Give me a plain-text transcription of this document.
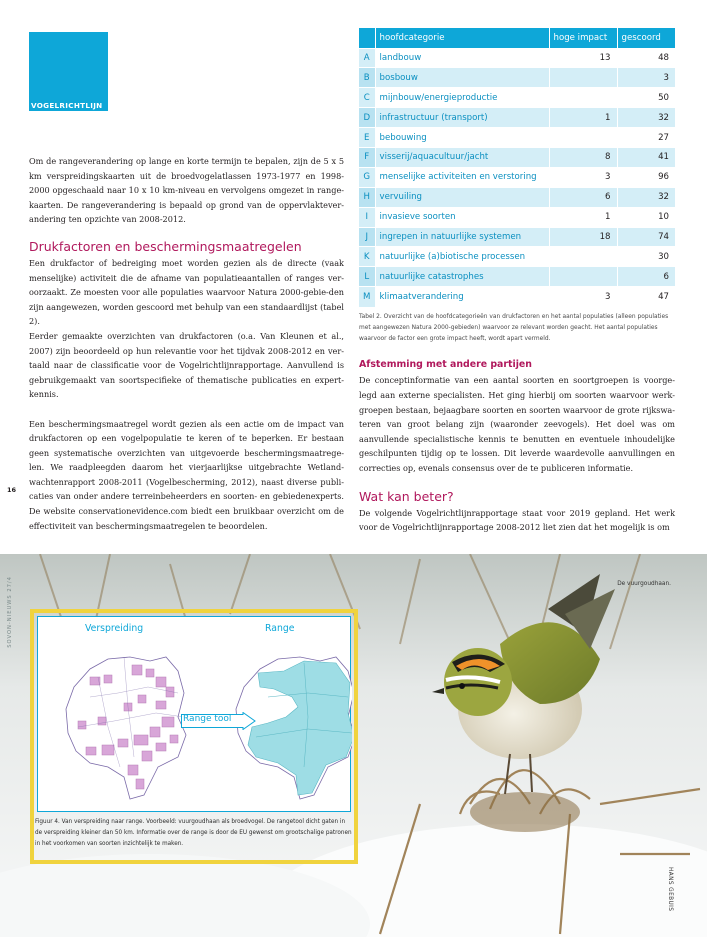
VOGELRICHTLIJN

Om de rangeverandering op lange en korte termijn te bepalen, zijn de 5 x 5 km verspreidingskaarten uit de broedvogelatlassen 1973-1977 en 1998-2000 opgeschaald naar 10 x 10 km-niveau en vervolgens omgezet in range-kaarten. De rangeverandering is bepaald op grond van de oppervlaktever-andering ten opzichte van 2008-2012.

Drukfactoren en beschermingsmaatregelen

Een drukfactor of bedreiging moet worden gezien als de directe (vaak menselijke) activiteit die de afname van populatieaantallen of ranges ver-oorzaakt. Ze moesten voor alle populaties waarvoor Natura 2000-gebie-den zijn aangewezen, worden gescoord met behulp van een standaardlijst (tabel 2).

Eerder gemaakte overzichten van drukfactoren (o.a. Van Kleunen et al., 2007) zijn beoordeeld op hun relevantie voor het tijdvak 2008-2012 en ver-taald naar de classificatie voor de Vogelrichtlijnrapportage. Aanvullend is gebruikgemaakt van soortspecifieke of thematische publicaties en expert-kennis.

Een beschermingsmaatregel wordt gezien als een actie om de impact van drukfactoren op een vogelpopulatie te keren of te beperken. Er bestaan geen systematische overzichten van uitgevoerde beschermingsmaatrege-len. We raadpleegden daarom het vierjaarlijkse uitgebrachte Wetland-wachtenrapport 2008-2011 (Vogelbescherming, 2012), naast diverse publi-caties van onder andere terreinbeheerders en soorten- en gebiedenexperts. De website conservationevidence.com biedt een bruikbaar overzicht om de effectiviteit van beschermingsmaatregelen te beoordelen.

16
	hoofdcategorie	hoge impact	gescoord
A	landbouw	13	48
B	bosbouw		3
C	mijnbouw/energieproductie		50
D	infrastructuur (transport)	1	32
E	bebouwing		27
F	visserij/aquacultuur/jacht	8	41
G	menselijke activiteiten en verstoring	3	96
H	vervuiling	6	32
I	invasieve soorten	1	10
J	ingrepen in natuurlijke systemen	18	74
K	natuurlijke (a)biotische processen		30
L	natuurlijke catastrophes		6
M	klimaatverandering	3	47

Tabel 2. Overzicht van de hoofdcategorieën van drukfactoren en het aantal populaties (alleen populaties met aangewezen Natura 2000-gebieden) waarvoor ze relevant worden geacht. Het aantal populaties waarvoor de factor een grote impact heeft, wordt apart vermeld.

Afstemming met andere partijen

De conceptinformatie van een aantal soorten en soortgroepen is voorge-legd aan externe specialisten. Het ging hierbij om soorten waarvoor werk-groepen bestaan, bejaagbare soorten en soorten waarvoor de grote rijkswa-teren van groot belang zijn (waaronder zeevogels). Het doel was om aanvullende specialistische kennis te benutten en eventuele inhoudelijke geschilpunten tijdig op te lossen. Dit leverde waardevolle aanvullingen en correcties op, evenals consensus over de te publiceren informatie.

Wat kan beter?

De volgende Vogelrichtlijnrapportage staat voor 2019 gepland. Het werk voor de Vogelrichtlijnrapportage 2008-2012 liet zien dat het mogelijk is om

De vuurgoudhaan.
HANS GEBUIS
SOVON-NIEUWS 27/4	Verspreiding	Range
Range tool

Figuur 4. Van verspreiding naar range. Voorbeeld: vuurgoudhaan als broedvogel. De rangetool dicht gaten in de verspreiding kleiner dan 50 km. Informatie over de range is door de EU gewenst om grootschalige patronen in het voorkomen van soorten inzichtelijk te maken.
